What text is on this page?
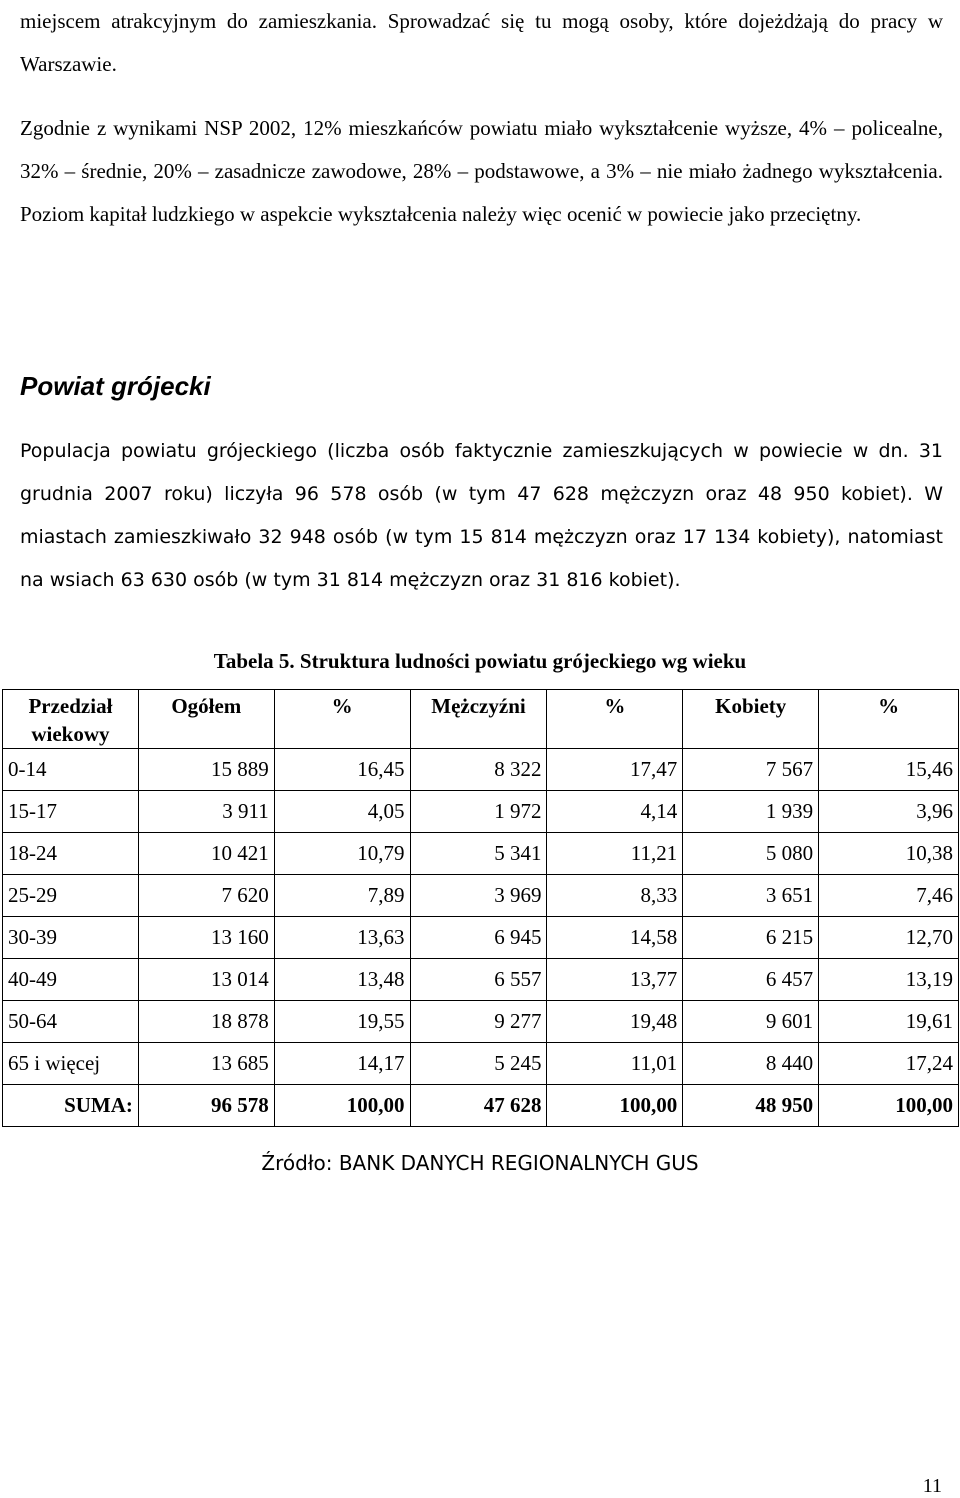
miejscem atrakcyjnym do zamieszkania. Sprowadzać się tu mogą osoby, które dojeżdżają do pracy w Warszawie.

Zgodnie z wynikami NSP 2002, 12% mieszkańców powiatu miało wykształcenie wyższe, 4% – policealne, 32% – średnie, 20% – zasadnicze zawodowe, 28% – podstawowe, a 3% – nie miało żadnego wykształcenia. Poziom kapitał ludzkiego w aspekcie wykształcenia należy więc ocenić w powiecie jako przeciętny.

Powiat grójecki

Populacja powiatu grójeckiego (liczba osób faktycznie zamieszkujących w powiecie w dn. 31 grudnia 2007 roku) liczyła 96 578 osób (w tym 47 628 mężczyzn oraz 48 950 kobiet). W miastach zamieszkiwało 32 948 osób (w tym 15 814 mężczyzn oraz 17 134 kobiety), natomiast na wsiach 63 630 osób (w tym 31 814 mężczyzn oraz 31 816 kobiet).

Tabela 5. Struktura ludności powiatu grójeckiego wg wieku

Przedział wiekowy	Ogółem	%	Mężczyźni	%	Kobiety	%
0-14	15 889	16,45	8 322	17,47	7 567	15,46
15-17	3 911	4,05	1 972	4,14	1 939	3,96
18-24	10 421	10,79	5 341	11,21	5 080	10,38
25-29	7 620	7,89	3 969	8,33	3 651	7,46
30-39	13 160	13,63	6 945	14,58	6 215	12,70
40-49	13 014	13,48	6 557	13,77	6 457	13,19
50-64	18 878	19,55	9 277	19,48	9 601	19,61
65 i więcej	13 685	14,17	5 245	11,01	8 440	17,24
SUMA:	96 578	100,00	47 628	100,00	48 950	100,00

Źródło: BANK DANYCH REGIONALNYCH GUS

11
